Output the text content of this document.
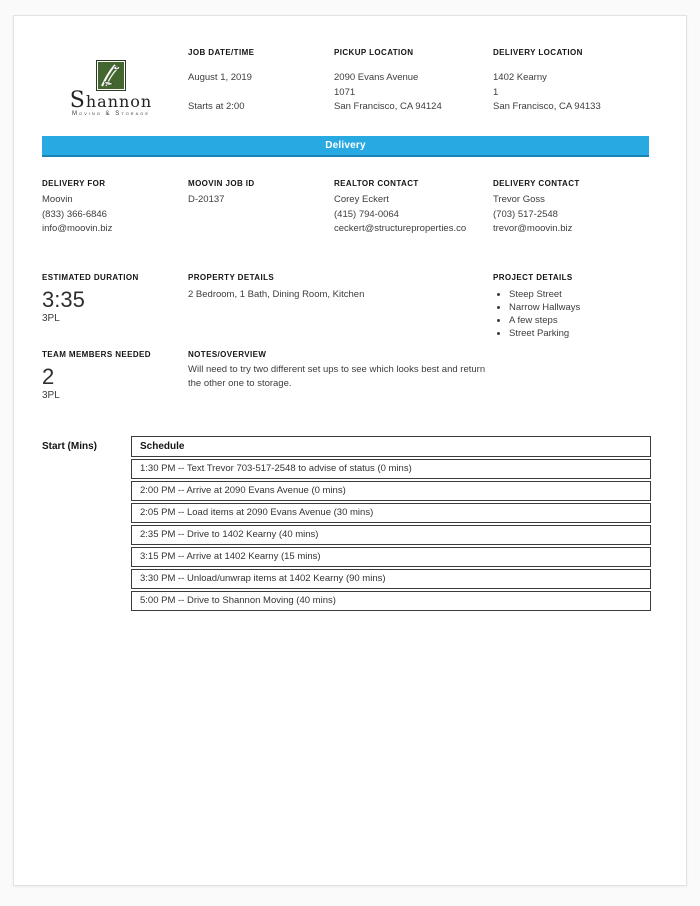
Shannon
Moving & Storage
JOB DATE/TIME
August 1, 2019
Starts at 2:00
PICKUP LOCATION
2090 Evans Avenue
1071
San Francisco, CA 94124
DELIVERY LOCATION
1402 Kearny
1
San Francisco, CA 94133
Delivery
DELIVERY FOR
Moovin
(833) 366-6846
info@moovin.biz
MOOVIN JOB ID
D-20137
REALTOR CONTACT
Corey Eckert
(415) 794-0064
ceckert@structureproperties.co
DELIVERY CONTACT
Trevor Goss
(703) 517-2548
trevor@moovin.biz
ESTIMATED DURATION
3:35
3PL
PROPERTY DETAILS
2 Bedroom, 1 Bath, Dining Room, Kitchen
PROJECT DETAILS
• Steep Street
• Narrow Hallways
• A few steps
• Street Parking
TEAM MEMBERS NEEDED
2
3PL
NOTES/OVERVIEW
Will need to try two different set ups to see which looks best and return the other one to storage.
Start (Mins)	Schedule
1:30 PM -- Text Trevor 703-517-2548 to advise of status (0 mins)
2:00 PM -- Arrive at 2090 Evans Avenue (0 mins)
2:05 PM -- Load items at 2090 Evans Avenue (30 mins)
2:35 PM -- Drive to 1402 Kearny (40 mins)
3:15 PM -- Arrive at 1402 Kearny (15 mins)
3:30 PM -- Unload/unwrap items at 1402 Kearny (90 mins)
5:00 PM -- Drive to Shannon Moving (40 mins)
